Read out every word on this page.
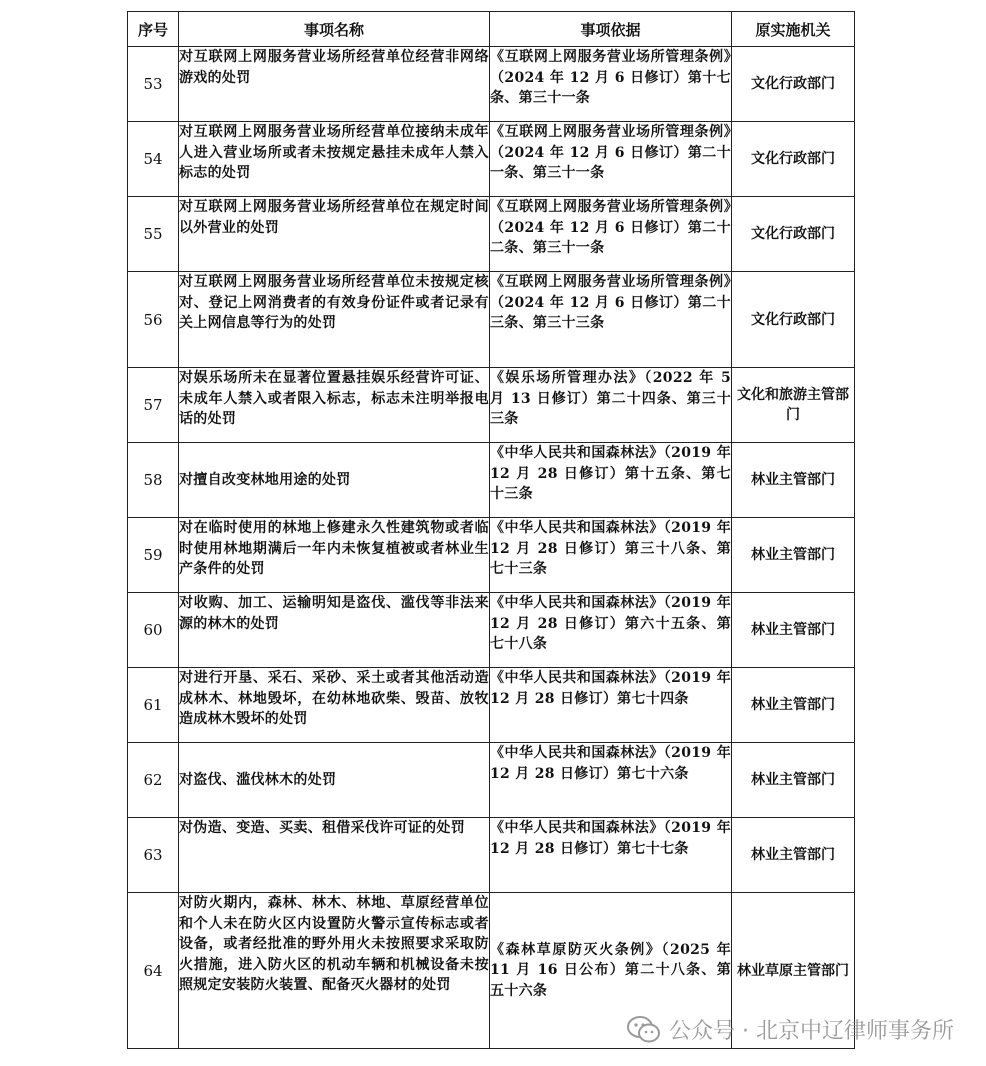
序号	事项名称	事项依据	原实施机关
53	对互联网上网服务营业场所经营单位经营非网络游戏的处罚	《互联网上网服务营业场所管理条例》（2024 年 12 月 6 日修订）第十七条、第三十一条	文化行政部门
54	对互联网上网服务营业场所经营单位接纳未成年人进入营业场所或者未按规定悬挂未成年人禁入标志的处罚	《互联网上网服务营业场所管理条例》（2024 年 12 月 6 日修订）第二十一条、第三十一条	文化行政部门
55	对互联网上网服务营业场所经营单位在规定时间以外营业的处罚	《互联网上网服务营业场所管理条例》（2024 年 12 月 6 日修订）第二十二条、第三十一条	文化行政部门
56	对互联网上网服务营业场所经营单位未按规定核对、登记上网消费者的有效身份证件或者记录有关上网信息等行为的处罚	《互联网上网服务营业场所管理条例》（2024 年 12 月 6 日修订）第二十三条、第三十三条	文化行政部门
57	对娱乐场所未在显著位置悬挂娱乐经营许可证、未成年人禁入或者限入标志，标志未注明举报电话的处罚	《娱乐场所管理办法》（2022 年 5 月 13 日修订）第二十四条、第三十三条	文化和旅游主管部门
58	对擅自改变林地用途的处罚	《中华人民共和国森林法》（2019 年 12 月 28 日修订）第十五条、第七十三条	林业主管部门
59	对在临时使用的林地上修建永久性建筑物或者临时使用林地期满后一年内未恢复植被或者林业生产条件的处罚	《中华人民共和国森林法》（2019 年 12 月 28 日修订）第三十八条、第七十三条	林业主管部门
60	对收购、加工、运输明知是盗伐、滥伐等非法来源的林木的处罚	《中华人民共和国森林法》（2019 年 12 月 28 日修订）第六十五条、第七十八条	林业主管部门
61	对进行开垦、采石、采砂、采土或者其他活动造成林木、林地毁坏，在幼林地砍柴、毁苗、放牧造成林木毁坏的处罚	《中华人民共和国森林法》（2019 年 12 月 28 日修订）第七十四条	林业主管部门
62	对盗伐、滥伐林木的处罚	《中华人民共和国森林法》（2019 年 12 月 28 日修订）第七十六条	林业主管部门
63	对伪造、变造、买卖、租借采伐许可证的处罚	《中华人民共和国森林法》（2019 年 12 月 28 日修订）第七十七条	林业主管部门
64	对防火期内，森林、林木、林地、草原经营单位和个人未在防火区内设置防火警示宣传标志或者设备，或者经批准的野外用火未按照要求采取防火措施，进入防火区的机动车辆和机械设备未按照规定安装防火装置、配备灭火器材的处罚	《森林草原防灭火条例》（2025 年 11 月 16 日公布）第二十八条、第五十六条	林业草原主管部门
公众号 · 北京中辽律师事务所
